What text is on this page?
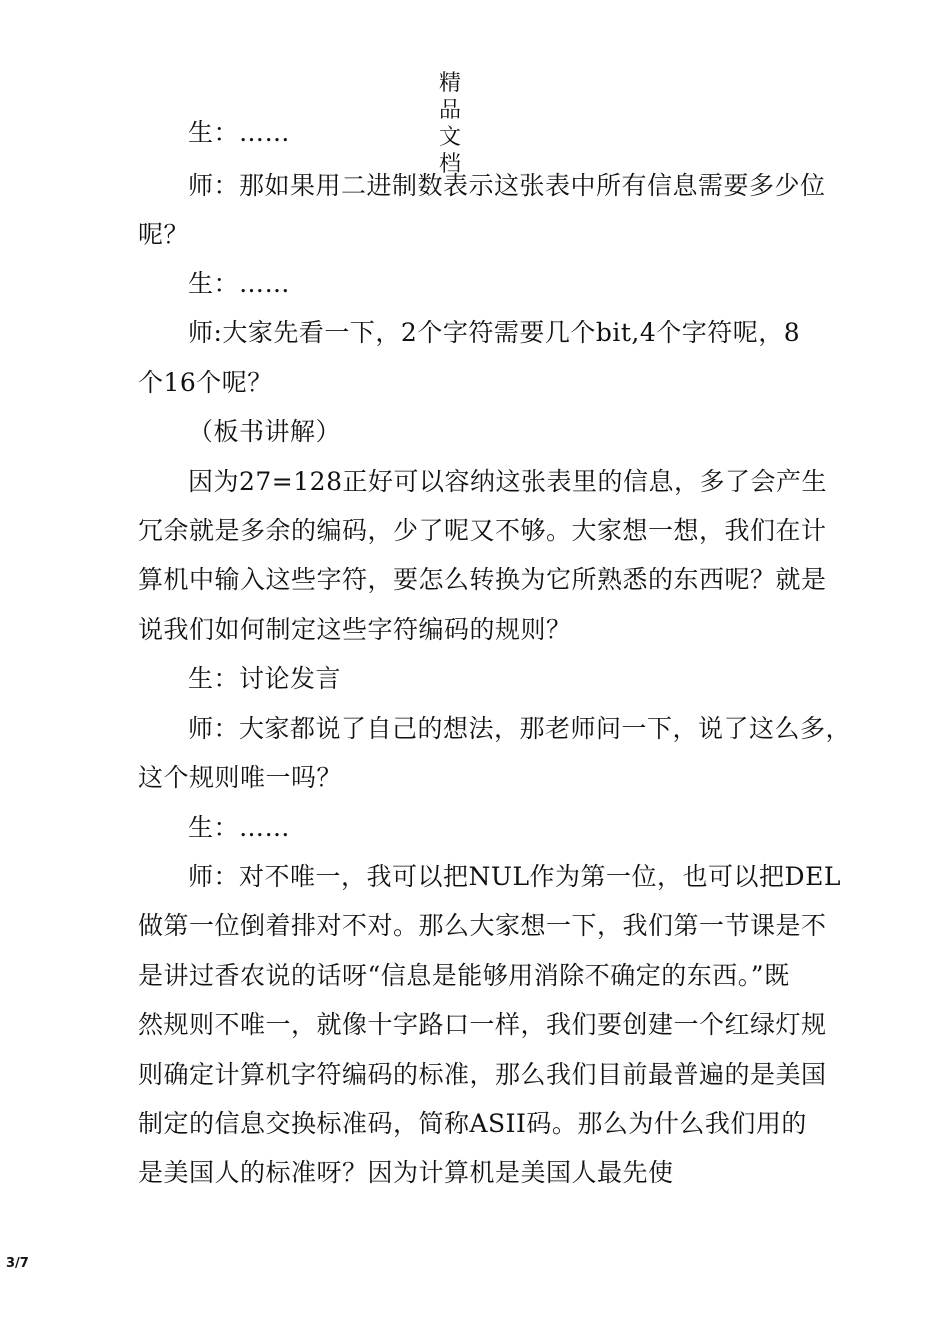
精品文档
生：……
师：那如果用二进制数表示这张表中所有信息需要多少位
呢？
生：……
师:大家先看一下，2个字符需要几个bit,4个字符呢，8
个16个呢？
（板书讲解）
因为27=128正好可以容纳这张表里的信息，多了会产生
冗余就是多余的编码，少了呢又不够。大家想一想，我们在计
算机中输入这些字符，要怎么转换为它所熟悉的东西呢？就是
说我们如何制定这些字符编码的规则？
生：讨论发言
师：大家都说了自己的想法，那老师问一下，说了这么多，
这个规则唯一吗？
生：……
师：对不唯一，我可以把NUL作为第一位，也可以把DEL
做第一位倒着排对不对。那么大家想一下，我们第一节课是不
是讲过香农说的话呀“信息是能够用消除不确定的东西。”既
然规则不唯一，就像十字路口一样，我们要创建一个红绿灯规
则确定计算机字符编码的标准，那么我们目前最普遍的是美国
制定的信息交换标准码，简称ASII码。那么为什么我们用的
是美国人的标准呀？因为计算机是美国人最先使
3/7
